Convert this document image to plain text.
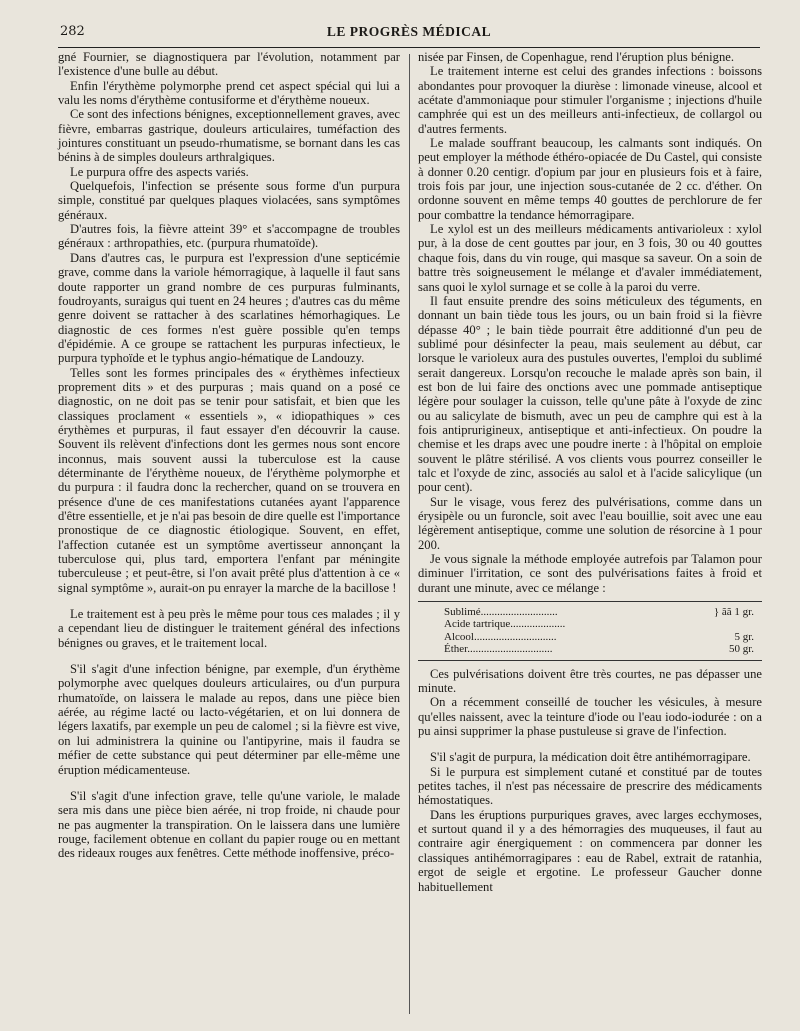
282	LE PROGRÈS MÉDICAL

gné Fournier, se diagnostiquera par l'évolution, notamment par l'existence d'une bulle au début.

Enfin l'érythème polymorphe prend cet aspect spécial qui lui a valu les noms d'érythème contusiforme et d'érythème noueux.

Ce sont des infections bénignes, exceptionnellement graves, avec fièvre, embarras gastrique, douleurs articulaires, tuméfaction des jointures constituant un pseudo-rhumatisme, se bornant dans les cas bénins à de simples douleurs arthralgiques.

Le purpura offre des aspects variés.

Quelquefois, l'infection se présente sous forme d'un purpura simple, constitué par quelques plaques violacées, sans symptômes généraux.

D'autres fois, la fièvre atteint 39° et s'accompagne de troubles généraux : arthropathies, etc. (purpura rhumatoïde).

Dans d'autres cas, le purpura est l'expression d'une septicémie grave, comme dans la variole hémorragique, à laquelle il faut sans doute rapporter un grand nombre de ces purpuras fulminants, foudroyants, suraigus qui tuent en 24 heures ; d'autres cas du même genre doivent se rattacher à des scarlatines hémorhagiques. Le diagnostic de ces formes n'est guère possible qu'en temps d'épidémie. A ce groupe se rattachent les purpuras infectieux, le purpura typhoïde et le typhus angio-hématique de Landouzy.

Telles sont les formes principales des « érythèmes infectieux proprement dits » et des purpuras ; mais quand on a posé ce diagnostic, on ne doit pas se tenir pour satisfait, et bien que les classiques proclament « essentiels », « idiopathiques » ces érythèmes et purpuras, il faut essayer d'en découvrir la cause. Souvent ils relèvent d'infections dont les germes nous sont encore inconnus, mais souvent aussi la tuberculose est la cause déterminante de l'érythème noueux, de l'érythème polymorphe et du purpura : il faudra donc la rechercher, quand on se trouvera en présence d'une de ces manifestations cutanées ayant l'apparence d'être essentielle, et je n'ai pas besoin de dire quelle est l'importance pronostique de ce diagnostic étiologique. Souvent, en effet, l'affection cutanée est un symptôme avertisseur annonçant la tuberculose qui, plus tard, emportera l'enfant par méningite tuberculeuse ; et peut-être, si l'on avait prêté plus d'attention à ce « signal symptôme », aurait-on pu enrayer la marche de la bacillose !

Le traitement est à peu près le même pour tous ces malades ; il y a cependant lieu de distinguer le traitement général des infections bénignes ou graves, et le traitement local.

S'il s'agit d'une infection bénigne, par exemple, d'un érythème polymorphe avec quelques douleurs articulaires, ou d'un purpura rhumatoïde, on laissera le malade au repos, dans une pièce bien aérée, au régime lacté ou lacto-végétarien, et on lui donnera de légers laxatifs, par exemple un peu de calomel ; si la fièvre est vive, on lui administrera la quinine ou l'antipyrine, mais il faudra se méfier de cette substance qui peut déterminer par elle-même une éruption médicamenteuse.

S'il s'agit d'une infection grave, telle qu'une variole, le malade sera mis dans une pièce bien aérée, ni trop froide, ni chaude pour ne pas augmenter la transpiration. On le laissera dans une lumière rouge, facilement obtenue en collant du papier rouge ou en mettant des rideaux rouges aux fenêtres. Cette méthode inoffensive, préco-

nisée par Finsen, de Copenhague, rend l'éruption plus bénigne.

Le traitement interne est celui des grandes infections : boissons abondantes pour provoquer la diurèse : limonade vineuse, alcool et acétate d'ammoniaque pour stimuler l'organisme ; injections d'huile camphrée qui est un des meilleurs anti-infectieux, de collargol ou d'autres ferments.

Le malade souffrant beaucoup, les calmants sont indiqués. On peut employer la méthode éthéro-opiacée de Du Castel, qui consiste à donner 0.20 centigr. d'opium par jour en plusieurs fois et à faire, trois fois par jour, une injection sous-cutanée de 2 cc. d'éther. On ordonne souvent en même temps 40 gouttes de perchlorure de fer pour combattre la tendance hémorragipare.

Le xylol est un des meilleurs médicaments antivarioleux : xylol pur, à la dose de cent gouttes par jour, en 3 fois, 30 ou 40 gouttes chaque fois, dans du vin rouge, qui masque sa saveur. On a soin de battre très soigneusement le mélange et d'avaler immédiatement, sans quoi le xylol surnage et se colle à la paroi du verre.

Il faut ensuite prendre des soins méticuleux des téguments, en donnant un bain tiède tous les jours, ou un bain froid si la fièvre dépasse 40° ; le bain tiède pourrait être additionné d'un peu de sublimé pour désinfecter la peau, mais seulement au début, car lorsque le varioleux aura des pustules ouvertes, l'emploi du sublimé serait dangereux. Lorsqu'on recouche le malade après son bain, il est bon de lui faire des onctions avec une pommade antiseptique légère pour soulager la cuisson, telle qu'une pâte à l'oxyde de zinc ou au salicylate de bismuth, avec un peu de camphre qui est à la fois antiprurigineux, antiseptique et anti-infectieux. On poudre la chemise et les draps avec une poudre inerte : à l'hôpital on emploie souvent le plâtre stérilisé. A vos clients vous pourrez conseiller le talc et l'oxyde de zinc, associés au salol et à l'acide salicylique (un pour cent).

Sur le visage, vous ferez des pulvérisations, comme dans un érysipèle ou un furoncle, soit avec l'eau bouillie, soit avec une eau légèrement antiseptique, comme une solution de résorcine à 1 pour 200.

Je vous signale la méthode employée autrefois par Talamon pour diminuer l'irritation, ce sont des pulvérisations faites à froid et durant une minute, avec ce mélange :

Sublimé............................	} ãã 1 gr.
Acide tartrique....................
Alcool..............................	5 gr.
Éther...............................	50 gr.

Ces pulvérisations doivent être très courtes, ne pas dépasser une minute.

On a récemment conseillé de toucher les vésicules, à mesure qu'elles naissent, avec la teinture d'iode ou l'eau iodo-iodurée : on a pu ainsi supprimer la phase pustuleuse si grave de l'infection.

S'il s'agit de purpura, la médication doit être antihémorragipare.

Si le purpura est simplement cutané et constitué par de toutes petites taches, il n'est pas nécessaire de prescrire des médicaments hémostatiques.

Dans les éruptions purpuriques graves, avec larges ecchymoses, et surtout quand il y a des hémorragies des muqueuses, il faut au contraire agir énergiquement : on commencera par donner les classiques antihémorragipares : eau de Rabel, extrait de ratanhia, ergot de seigle et ergotine. Le professeur Gaucher donne habituellement
